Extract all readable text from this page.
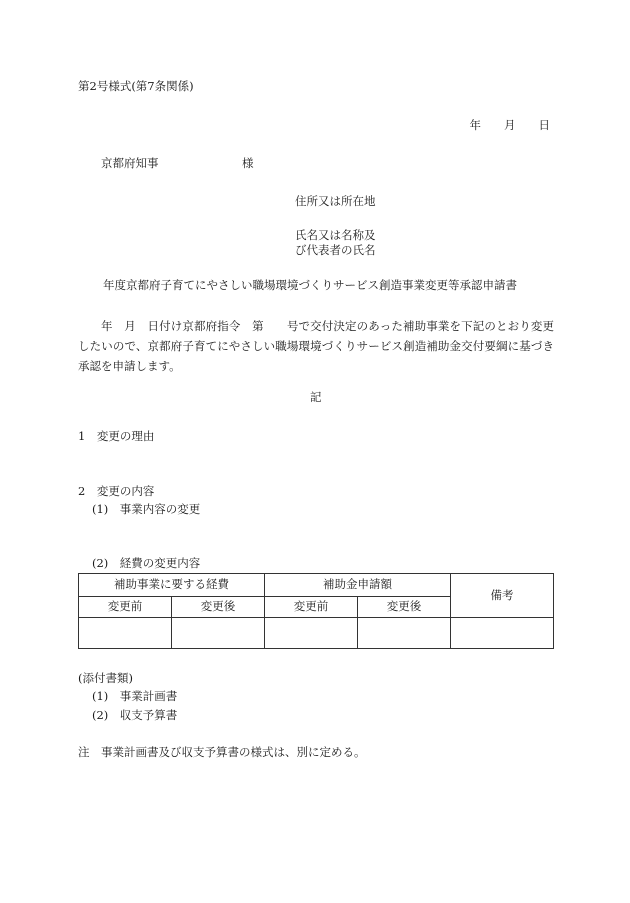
第2号様式(第7条関係)
年　　月　　日
京都府知事	様
住所又は所在地
氏名又は名称及
び代表者の氏名
年度京都府子育てにやさしい職場環境づくりサービス創造事業変更等承認申請書
年　月　日付け京都府指令　第　　号で交付決定のあった補助事業を下記のとおり変更したいので、京都府子育てにやさしい職場環境づくりサービス創造補助金交付要綱に基づき承認を申請します。
記
1　変更の理由
2　変更の内容
(1)　事業内容の変更
(2)　経費の変更内容
補助事業に要する経費		補助金申請額		備考
変更前	変更後	変更前	変更後	

(添付書類)
(1)　事業計画書
(2)　収支予算書
注　事業計画書及び収支予算書の様式は、別に定める。
